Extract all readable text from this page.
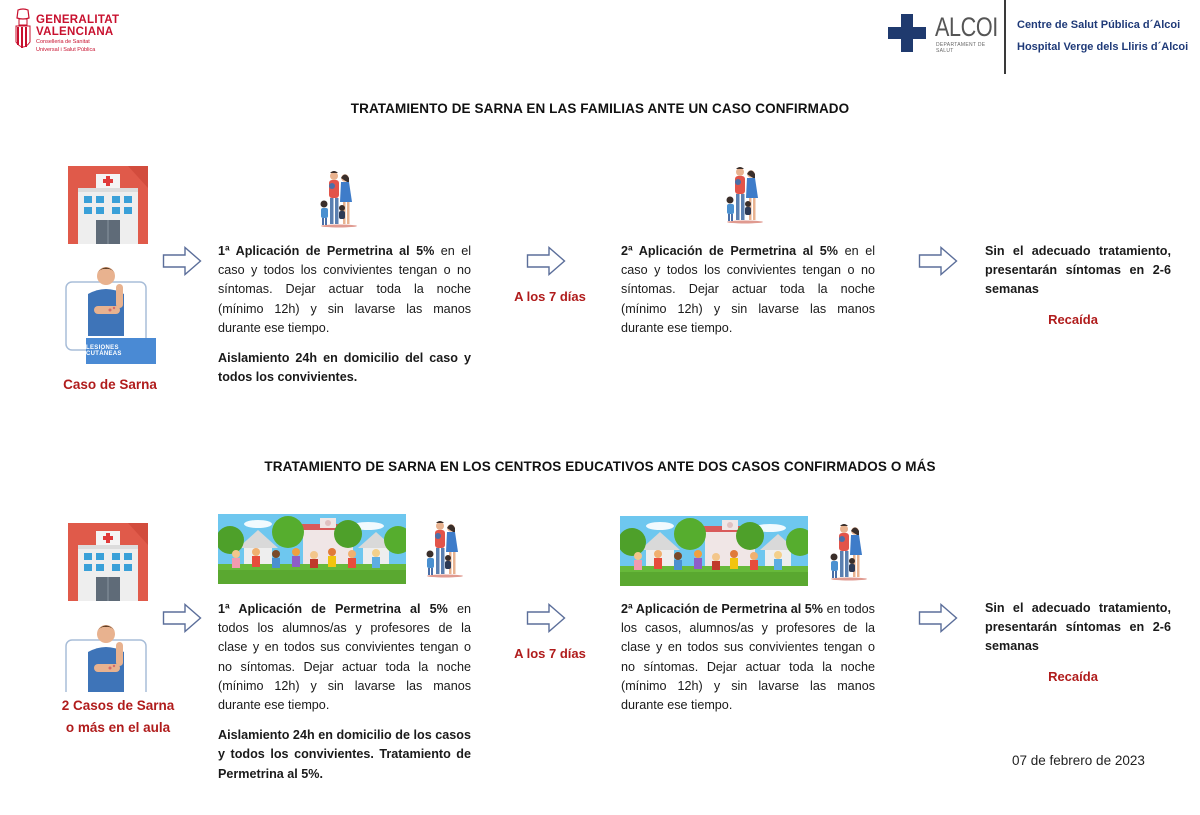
GENERALITAT
VALENCIANA
Conselleria de Sanitat
Universal i Salut Pública
ALCOI
DEPARTAMENT DE SALUT
Centre de Salut Pública d´Alcoi
Hospital Verge dels Lliris d´Alcoi
TRATAMIENTO DE SARNA EN LAS FAMILIAS ANTE UN CASO CONFIRMADO
LESIONES CUTÁNEAS
Caso de Sarna

1ª Aplicación de Permetrina al 5% en el caso y todos los convivientes tengan o no síntomas. Dejar actuar toda la noche (mínimo 12h) y sin lavarse las manos durante ese tiempo.

Aislamiento 24h en domicilio del caso y todos los convivientes.

A los 7 días

2ª Aplicación de Permetrina al 5% en el caso y todos los convivientes tengan o no síntomas. Dejar actuar toda la noche (mínimo 12h) y sin lavarse las manos durante ese tiempo.

Sin el adecuado tratamiento, presentarán síntomas en 2-6 semanas

Recaída
TRATAMIENTO DE SARNA EN LOS CENTROS EDUCATIVOS ANTE DOS CASOS CONFIRMADOS O MÁS
2 Casos de Sarna
o más en el aula

1ª Aplicación de Permetrina al 5% en todos los alumnos/as y profesores de la clase y en todos sus convivientes tengan o no síntomas. Dejar actuar toda la noche (mínimo 12h) y sin lavarse las manos durante ese tiempo.

Aislamiento 24h en domicilio de los casos y todos los convivientes. Tratamiento de Permetrina al 5%.

A los 7 días

2ª Aplicación de Permetrina al 5% en todos los casos, alumnos/as y profesores de la clase y en todos sus convivientes tengan o no síntomas. Dejar actuar toda la noche (mínimo 12h) y sin lavarse las manos durante ese tiempo.

Sin el adecuado tratamiento, presentarán síntomas en 2-6 semanas

Recaída
07 de febrero de 2023
